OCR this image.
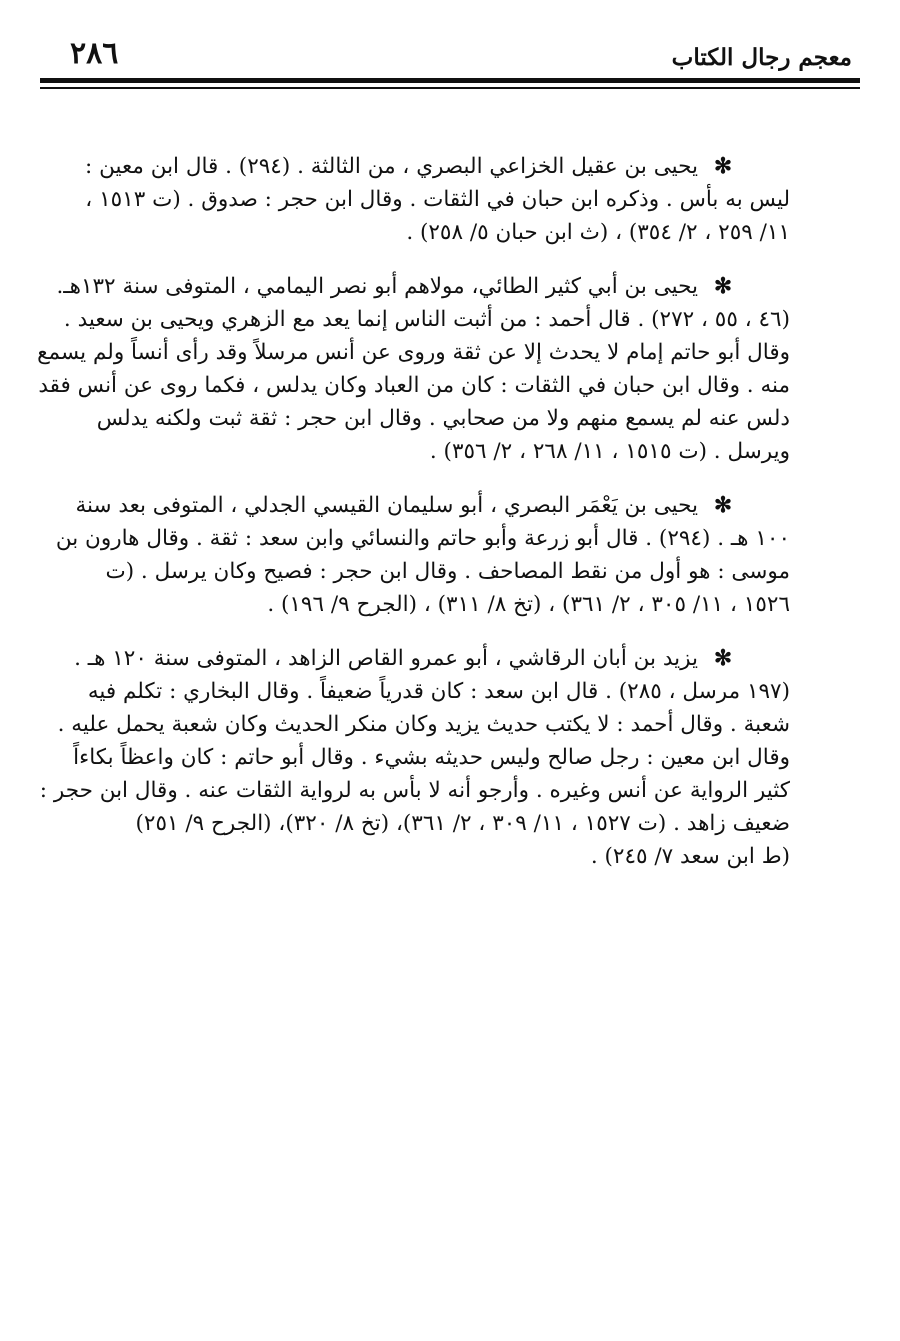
٢٨٦	معجم رجال الكتاب
✻يحيى بن عقيل الخزاعي البصري ، من الثالثة . (٢٩٤) . قال ابن معين :
ليس به بأس . وذكره ابن حبان في الثقات . وقال ابن حجر : صدوق . (ت ١٥١٣ ،
١١/ ٢٥٩ ، ٢/ ٣٥٤) ، (ث ابن حبان ٥/ ٢٥٨) .
✻يحيى بن أبي كثير الطائي، مولاهم أبو نصر اليمامي ، المتوفى سنة ١٣٢هـ.
(٤٦ ، ٥٥ ، ٢٧٢) . قال أحمد : من أثبت الناس إنما يعد مع الزهري ويحيى بن سعيد .
وقال أبو حاتم إمام لا يحدث إلا عن ثقة وروى عن أنس مرسلاً وقد رأى أنساً ولم يسمع
منه . وقال ابن حبان في الثقات : كان من العباد وكان يدلس ، فكما روى عن أنس فقد
دلس عنه لم يسمع منهم ولا من صحابي . وقال ابن حجر : ثقة ثبت ولكنه يدلس
ويرسل . (ت ١٥١٥ ، ١١/ ٢٦٨ ، ٢/ ٣٥٦) .
✻يحيى بن يَعْمَر البصري ، أبو سليمان القيسي الجدلي ، المتوفى بعد سنة
١٠٠ هـ . (٢٩٤) . قال أبو زرعة وأبو حاتم والنسائي وابن سعد : ثقة . وقال هارون بن
موسى : هو أول من نقط المصاحف . وقال ابن حجر : فصيح وكان يرسل . (ت
١٥٢٦ ، ١١/ ٣٠٥ ، ٢/ ٣٦١) ، (تخ ٨/ ٣١١) ، (الجرح ٩/ ١٩٦) .
✻يزيد بن أبان الرقاشي ، أبو عمرو القاص الزاهد ، المتوفى سنة ١٢٠ هـ .
(١٩٧ مرسل ، ٢٨٥) . قال ابن سعد : كان قدرياً ضعيفاً . وقال البخاري : تكلم فيه
شعبة . وقال أحمد : لا يكتب حديث يزيد وكان منكر الحديث وكان شعبة يحمل عليه .
وقال ابن معين : رجل صالح وليس حديثه بشيء . وقال أبو حاتم : كان واعظاً بكاءاً
كثير الرواية عن أنس وغيره . وأرجو أنه لا بأس به لرواية الثقات عنه . وقال ابن حجر :
ضعيف زاهد . (ت ١٥٢٧ ، ١١/ ٣٠٩ ، ٢/ ٣٦١)، (تخ ٨/ ٣٢٠)، (الجرح ٩/ ٢٥١)
(ط ابن سعد ٧/ ٢٤٥) .
